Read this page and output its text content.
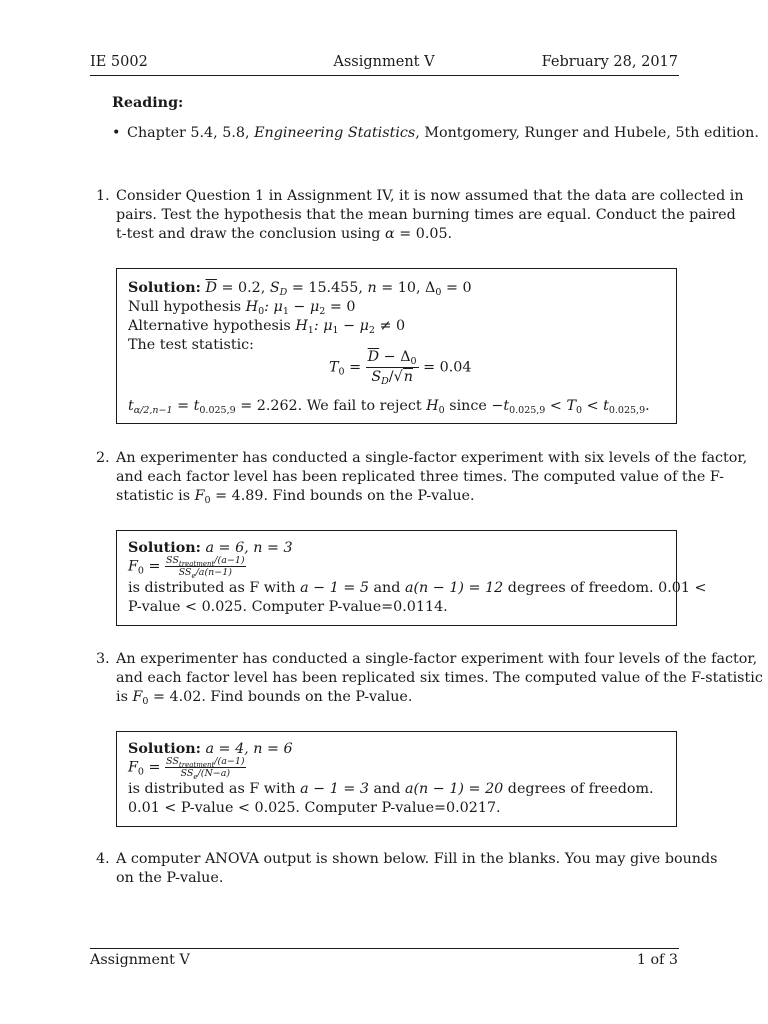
IE 5002	Assignment V	February 28, 2017
Reading:
• Chapter 5.4, 5.8, Engineering Statistics, Montgomery, Runger and Hubele, 5th edition.
1. Consider Question 1 in Assignment IV, it is now assumed that the data are collected in
pairs. Test the hypothesis that the mean burning times are equal. Conduct the paired
t-test and draw the conclusion using α = 0.05.
Solution: $\overline{D} = 0.2$, $S_D = 15.455$, n = 10, $\Delta_0 = 0$
Null hypothesis $H_0$: $\mu_1 - \mu_2 = 0$
Alternative hypothesis $H_1$: $\mu_1 - \mu_2 \ne 0$
The test statistic:
$T_0 = \frac{\overline{D} - \Delta_0}{S_D/√n} = 0.04$
$t_{\alpha/2,n-1} = t_{0.025,9} = 2.262$. We fail to reject $H_0$ since $-t_{0.025,9} < T_0 < t_{0.025,9}$.
2. An experimenter has conducted a single-factor experiment with six levels of the factor,
and each factor level has been replicated three times. The computed value of the F-
statistic is $F_0 = 4.89$. Find bounds on the P-value.
Solution: a = 6, n = 3
$F_0 = \frac{SS_{treatment}/(a-1)}{SS_e/a(n-1)}$
is distributed as F with a − 1 = 5 and a(n − 1) = 12 degrees of freedom. 0.01 <
P-value < 0.025. Computer P-value=0.0114.
3. An experimenter has conducted a single-factor experiment with four levels of the factor,
and each factor level has been replicated six times. The computed value of the F-statistic
is $F_0 = 4.02$. Find bounds on the P-value.
Solution: a = 4, n = 6
$F_0 = \frac{SS_{treatment}/(a-1)}{SS_e/(N-a)}$
is distributed as F with a − 1 = 3 and a(n − 1) = 20 degrees of freedom.
0.01 < P-value < 0.025. Computer P-value=0.0217.
4. A computer ANOVA output is shown below. Fill in the blanks. You may give bounds
on the P-value.
Assignment V	1 of 3
